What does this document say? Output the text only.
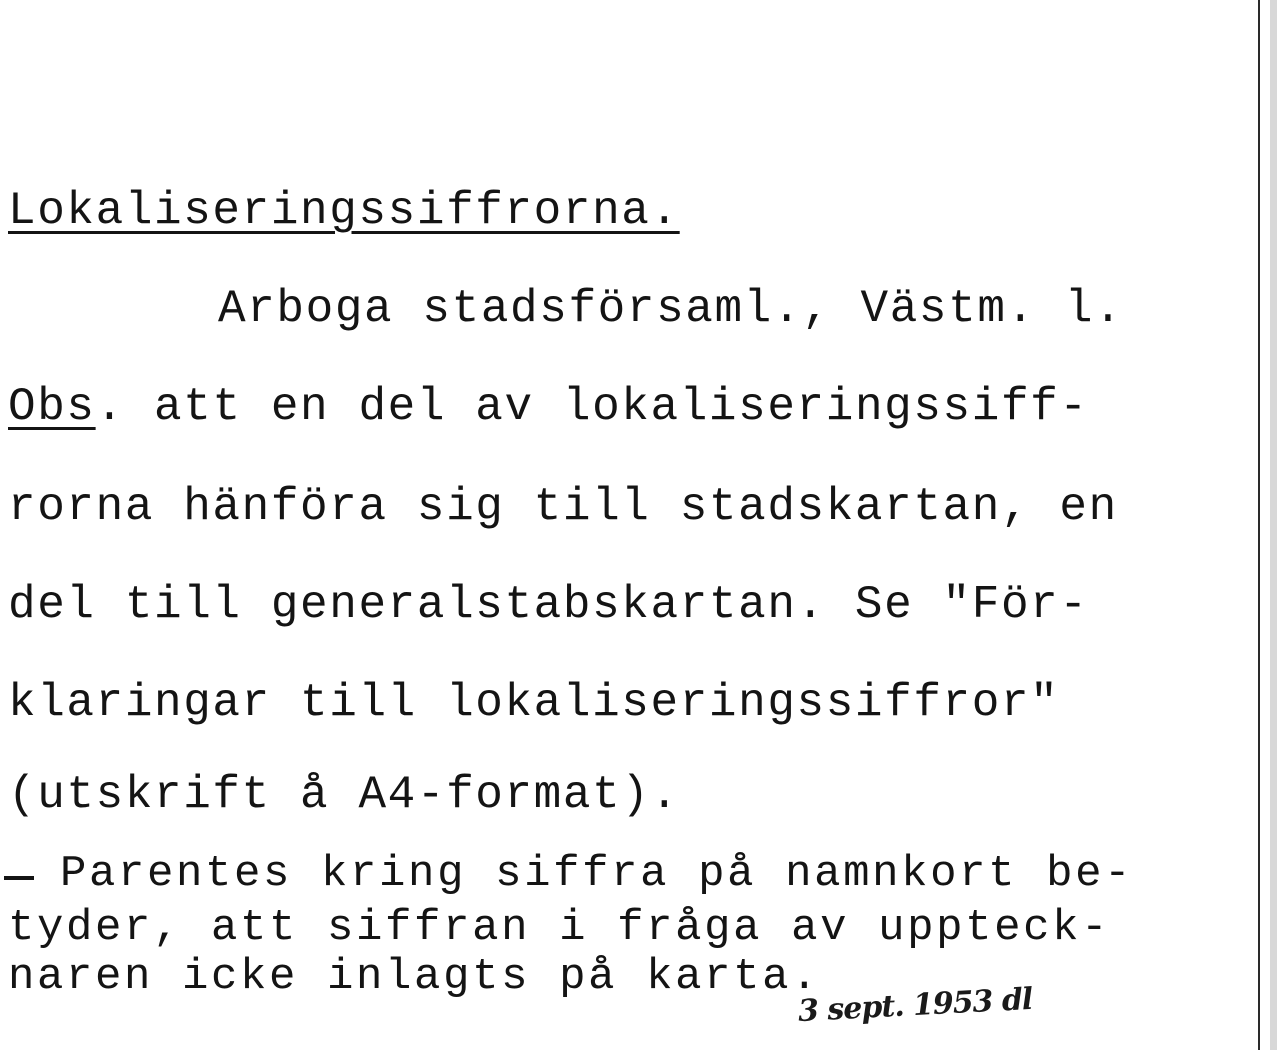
Lokaliseringssiffrorna.
Arboga stadsförsaml., Västm. l.
Obs. att en del av lokaliseringssiff-
rorna hänföra sig till stadskartan, en
del till generalstabskartan. Se "För-
klaringar till lokaliseringssiffror"
(utskrift å A4-format).
Parentes kring siffra på namnkort be-
tyder, att siffran i fråga av uppteck-
naren icke inlagts på karta.
3 sept. 1953 dl
